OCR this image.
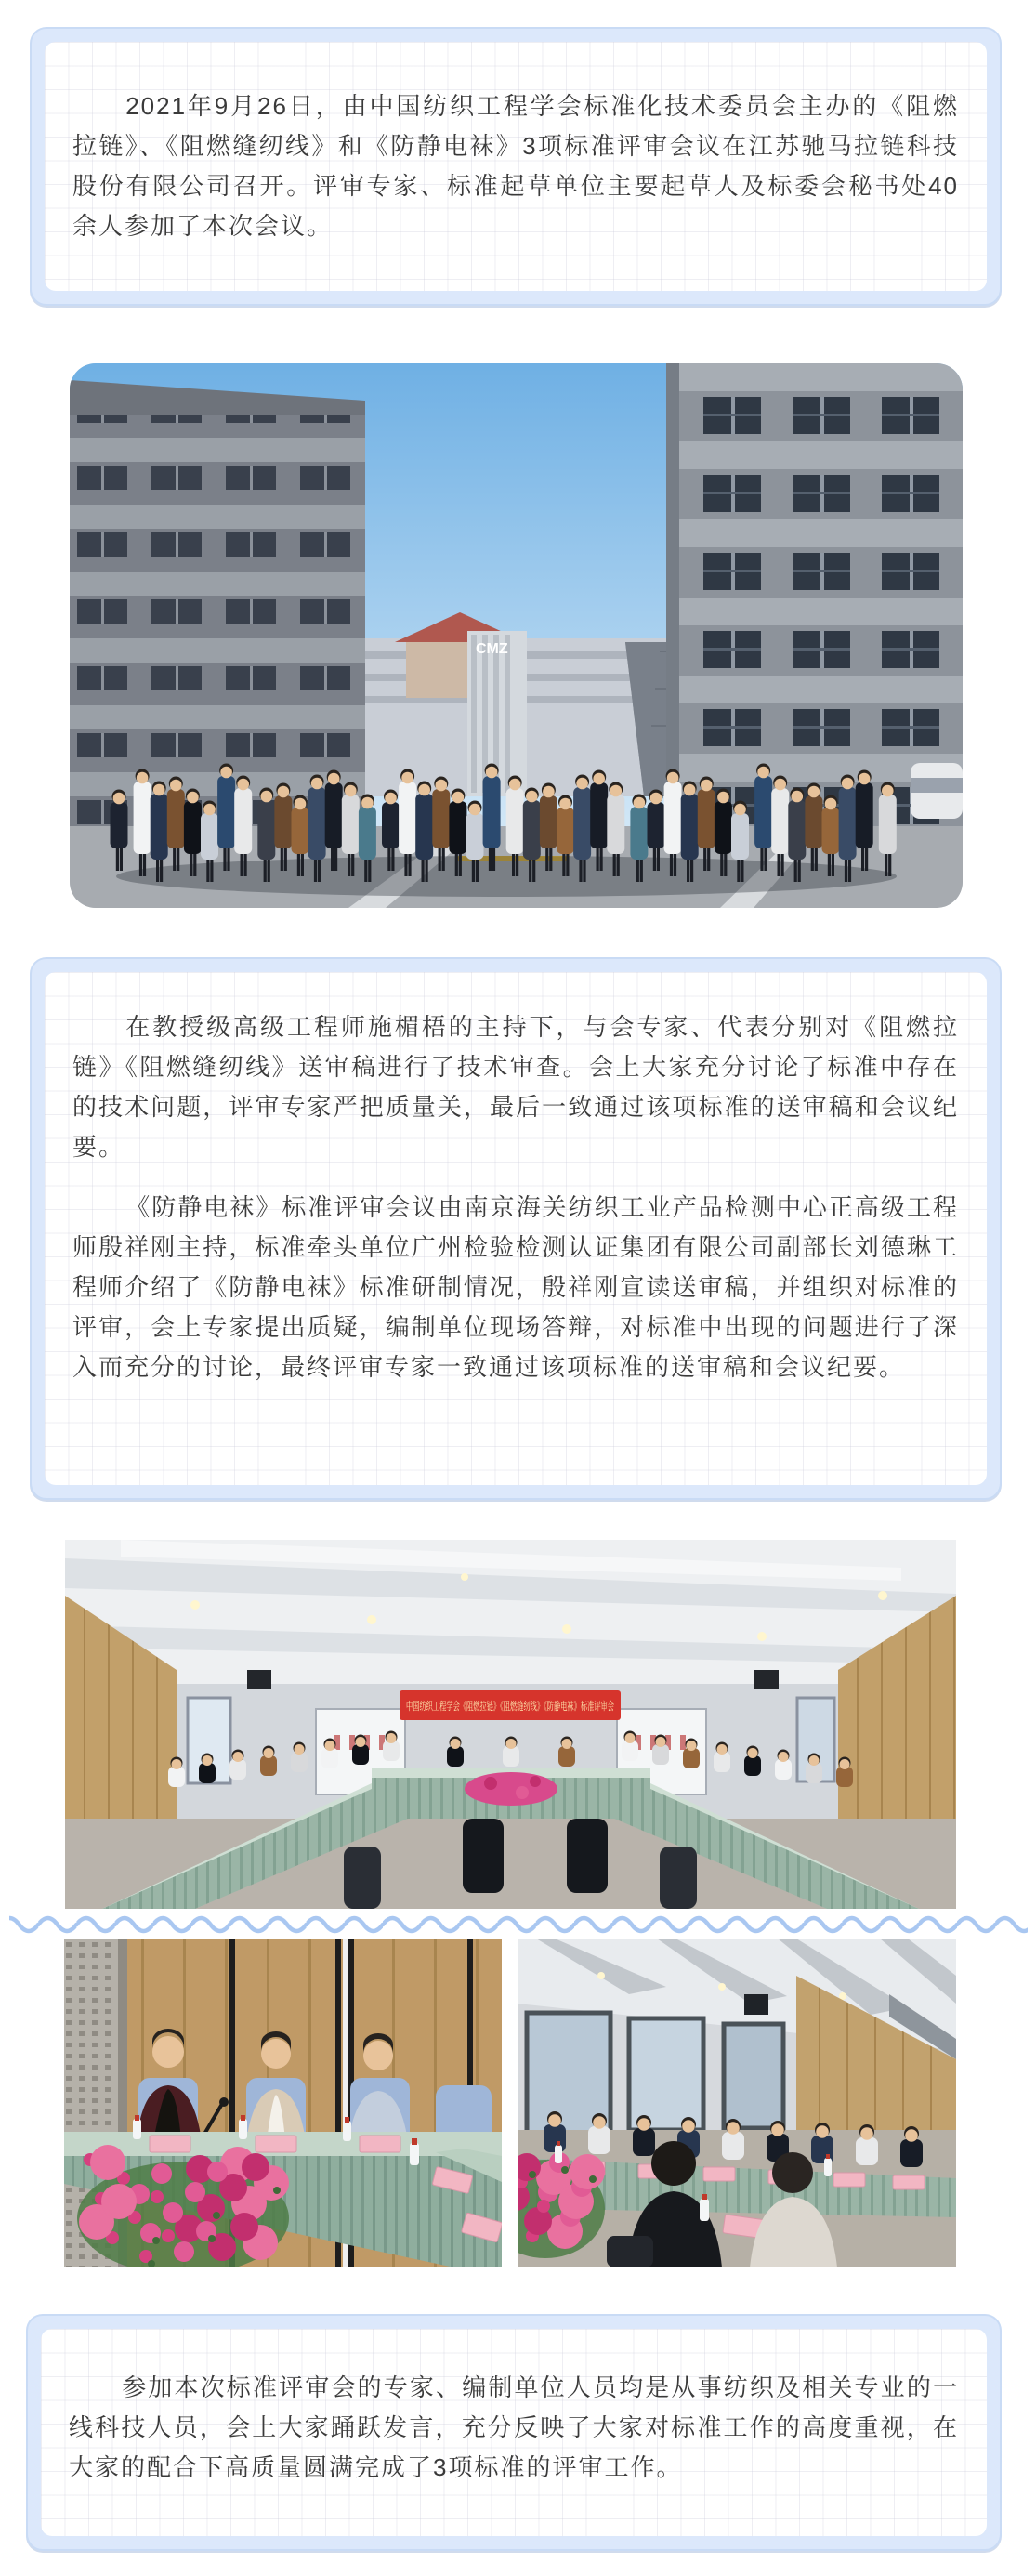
2021年9月26日，由中国纺织工程学会标准化技术委员会主办的《阻燃拉链》、《阻燃缝纫线》和《防静电袜》3项标准评审会议在江苏驰马拉链科技股份有限公司召开。评审专家、标准起草单位主要起草人及标委会秘书处40余人参加了本次会议。

CMZ

在教授级高级工程师施楣梧的主持下，与会专家、代表分别对《阻燃拉链》《阻燃缝纫线》送审稿进行了技术审查。会上大家充分讨论了标准中存在的技术问题，评审专家严把质量关，最后一致通过该项标准的送审稿和会议纪要。

《防静电袜》标准评审会议由南京海关纺织工业产品检测中心正高级工程师殷祥刚主持，标准牵头单位广州检验检测认证集团有限公司副部长刘德琳工程师介绍了《防静电袜》标准研制情况，殷祥刚宣读送审稿，并组织对标准的评审，会上专家提出质疑，编制单位现场答辩，对标准中出现的问题进行了深入而充分的讨论，最终评审专家一致通过该项标准的送审稿和会议纪要。

中国纺织工程学会《阻燃拉链》《阻燃缝纫线》《防静电袜》标准评审会

参加本次标准评审会的专家、编制单位人员均是从事纺织及相关专业的一线科技人员，会上大家踊跃发言，充分反映了大家对标准工作的高度重视，在大家的配合下高质量圆满完成了3项标准的评审工作。
